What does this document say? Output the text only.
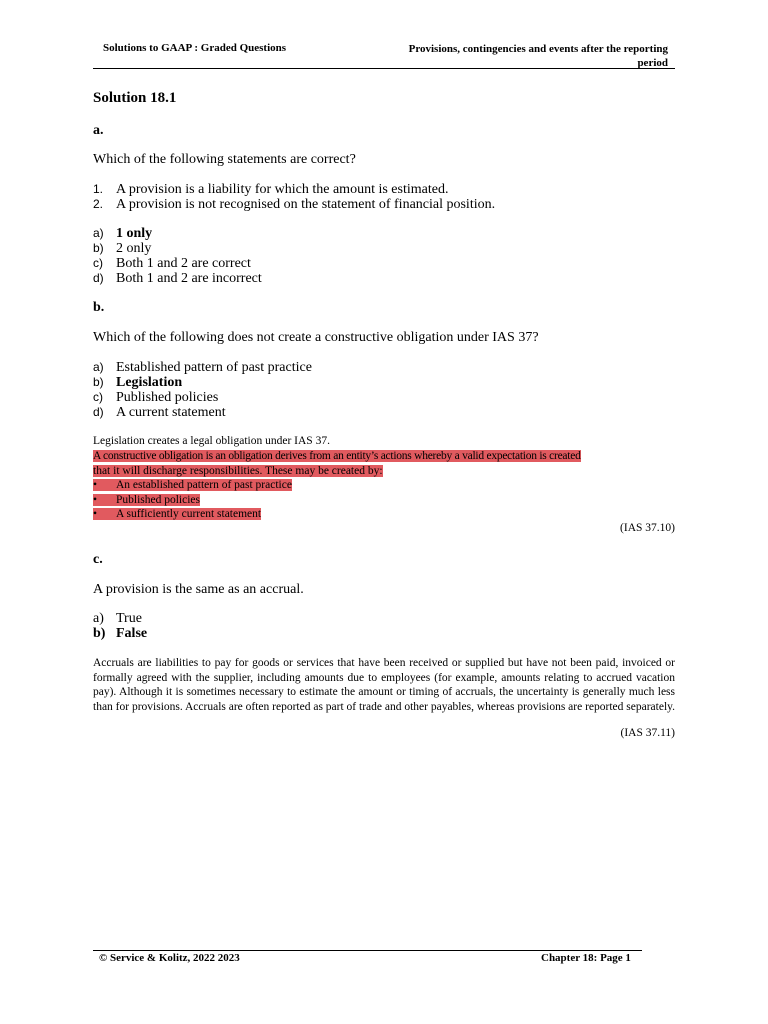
Solutions to GAAP : Graded Questions	Provisions, contingencies and events after the reporting
period
Solution 18.1
a.
Which of the following statements are correct?
1. A provision is a liability for which the amount is estimated.
2. A provision is not recognised on the statement of financial position.
a) 1 only
b) 2 only
c) Both 1 and 2 are correct
d) Both 1 and 2 are incorrect
b.
Which of the following does not create a constructive obligation under IAS 37?
a) Established pattern of past practice
b) Legislation
c) Published policies
d) A current statement
Legislation creates a legal obligation under IAS 37.
A constructive obligation is an obligation derives from an entity’s actions whereby a valid expectation is created
that it will discharge responsibilities. These may be created by:
• An established pattern of past practice
• Published policies
• A sufficiently current statement
(IAS 37.10)
c.
A provision is the same as an accrual.
a) True
b) False
Accruals are liabilities to pay for goods or services that have been received or supplied but have not been paid, invoiced or formally agreed with the supplier, including amounts due to employees (for example, amounts relating to accrued vacation pay). Although it is sometimes necessary to estimate the amount or timing of accruals, the uncertainty is generally much less than for provisions. Accruals are often reported as part of trade and other payables, whereas provisions are reported separately.
(IAS 37.11)
© Service & Kolitz, 2022 2023	Chapter 18: Page 1
